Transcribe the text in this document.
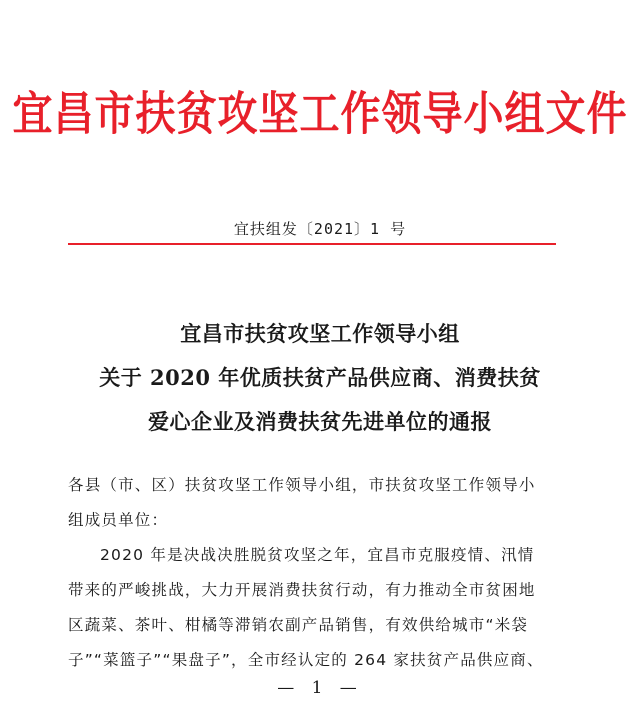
宜昌市扶贫攻坚工作领导小组文件
宜扶组发〔2021〕1 号
宜昌市扶贫攻坚工作领导小组
关于 2020 年优质扶贫产品供应商、消费扶贫
爱心企业及消费扶贫先进单位的通报
各县（市、区）扶贫攻坚工作领导小组，市扶贫攻坚工作领导小
组成员单位：
2020 年是决战决胜脱贫攻坚之年，宜昌市克服疫情、汛情
带来的严峻挑战，大力开展消费扶贫行动，有力推动全市贫困地
区蔬菜、茶叶、柑橘等滞销农副产品销售，有效供给城市“米袋
子”“菜篮子”“果盘子”，全市经认定的 264 家扶贫产品供应商、
— 1 —
